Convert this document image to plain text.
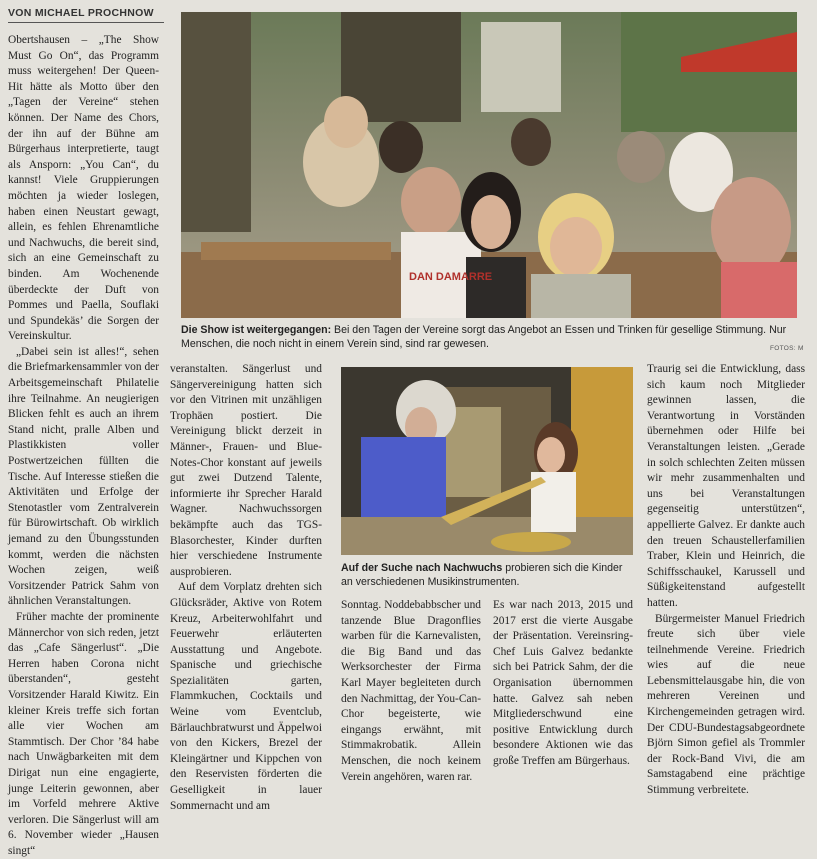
VON MICHAEL PROCHNOW

Obertshausen – „The Show Must Go On“, das Programm muss weitergehen! Der Queen-Hit hätte als Motto über den „Tagen der Vereine“ stehen können. Der Name des Chors, der ihn auf der Bühne am Bürgerhaus interpretierte, taugt als Ansporn: „You Can“, du kannst! Viele Gruppierungen möchten ja wieder loslegen, haben einen Neustart gewagt, allein, es fehlen Ehrenamtliche und Nachwuchs, die bereit sind, sich an eine Gemeinschaft zu binden. Am Wochenende überdeckte der Duft von Pommes und Paella, Souflaki und Spundekäs’ die Sorgen der Vereinskultur.

„Dabei sein ist alles!“, sehen die Briefmarkensammler von der Arbeitsgemeinschaft Philatelie ihre Teilnahme. An neugierigen Blicken fehlt es auch an ihrem Stand nicht, pralle Alben und Plastikkisten voller Postwertzeichen füllten die Tische. Auf Interesse stießen die Aktivitäten und Erfolge der Stenotastler vom Zentralverein für Bürowirtschaft. Ob wirklich jemand zu den Übungsstunden kommt, werden die nächsten Wochen zeigen, weiß Vorsitzender Patrick Sahm von ähnlichen Veranstaltungen.

Früher machte der prominente Männerchor von sich reden, jetzt das „Cafe Sängerlust“. „Die Herren haben Corona nicht überstanden“, gesteht Vorsitzender Harald Kiwitz. Ein kleiner Kreis treffe sich fortan alle vier Wochen am Stammtisch. Der Chor ’84 habe nach Unwägbarkeiten mit dem Dirigat nun eine engagierte, junge Leiterin gewonnen, aber im Vorfeld mehrere Aktive verloren. Die Sängerlust will am 6. November wieder „Hausen singt“

DAN DAMARRE
Die Show ist weitergegangen: Bei den Tagen der Vereine sorgt das Angebot an Essen und Trinken für gesellige Stimmung. Nur Menschen, die noch nicht in einem Verein sind, sind rar gewesen.	FOTOS: M

veranstalten. Sängerlust und Sängervereinigung hatten sich vor den Vitrinen mit unzähligen Trophäen postiert. Die Vereinigung blickt derzeit in Männer-, Frauen- und Blue-Notes-Chor konstant auf jeweils gut zwei Dutzend Talente, informierte ihr Sprecher Harald Wagner. Nachwuchssorgen bekämpfte auch das TGS-Blasorchester, Kinder durften hier verschiedene Instrumente ausprobieren.

Auf dem Vorplatz drehten sich Glücksräder, Aktive von Rotem Kreuz, Arbeiterwohlfahrt und Feuerwehr erläuterten Ausstattung und Angebote. Spanische und griechische Spezialitäten garten, Flammkuchen, Cocktails und Weine vom Eventclub, Bärlauchbratwurst und Äppelwoi von den Kickers, Brezel der Kleingärtner und Kippchen von den Reservisten förderten die Geselligkeit in lauer Sommernacht und am

Auf der Suche nach Nachwuchs probieren sich die Kinder an verschiedenen Musikinstrumenten.

Sonntag. Noddebabbscher und tanzende Blue Dragonflies warben für die Karnevalisten, die Big Band und das Werksorchester der Firma Karl Mayer begleiteten durch den Nachmittag, der You-Can-Chor begeisterte, wie eingangs erwähnt, mit Stimmakrobatik. Allein Menschen, die noch keinem Verein angehören, waren rar.

Es war nach 2013, 2015 und 2017 erst die vierte Ausgabe der Präsentation. Vereinsring-Chef Luis Galvez bedankte sich bei Patrick Sahm, der die Organisation übernommen hatte. Galvez sah neben Mitgliederschwund eine positive Entwicklung durch besondere Aktionen wie das große Treffen am Bürgerhaus.

Traurig sei die Entwicklung, dass sich kaum noch Mitglieder gewinnen lassen, die Verantwortung in Vorständen übernehmen oder Hilfe bei Veranstaltungen leisten. „Gerade in solch schlechten Zeiten müssen wir mehr zusammenhalten und uns bei Veranstaltungen gegenseitig unterstützen“, appellierte Galvez. Er dankte auch den treuen Schaustellerfamilien Traber, Klein und Heinrich, die Schiffsschaukel, Karussell und Süßigkeitenstand aufgestellt hatten.

Bürgermeister Manuel Friedrich freute sich über viele teilnehmende Vereine. Friedrich wies auf die neue Lebensmittelausgabe hin, die von mehreren Vereinen und Kirchengemeinden getragen wird. Der CDU-Bundestagsabgeordnete Björn Simon gefiel als Trommler der Rock-Band Vivi, die am Samstagabend eine prächtige Stimmung verbreitete.
